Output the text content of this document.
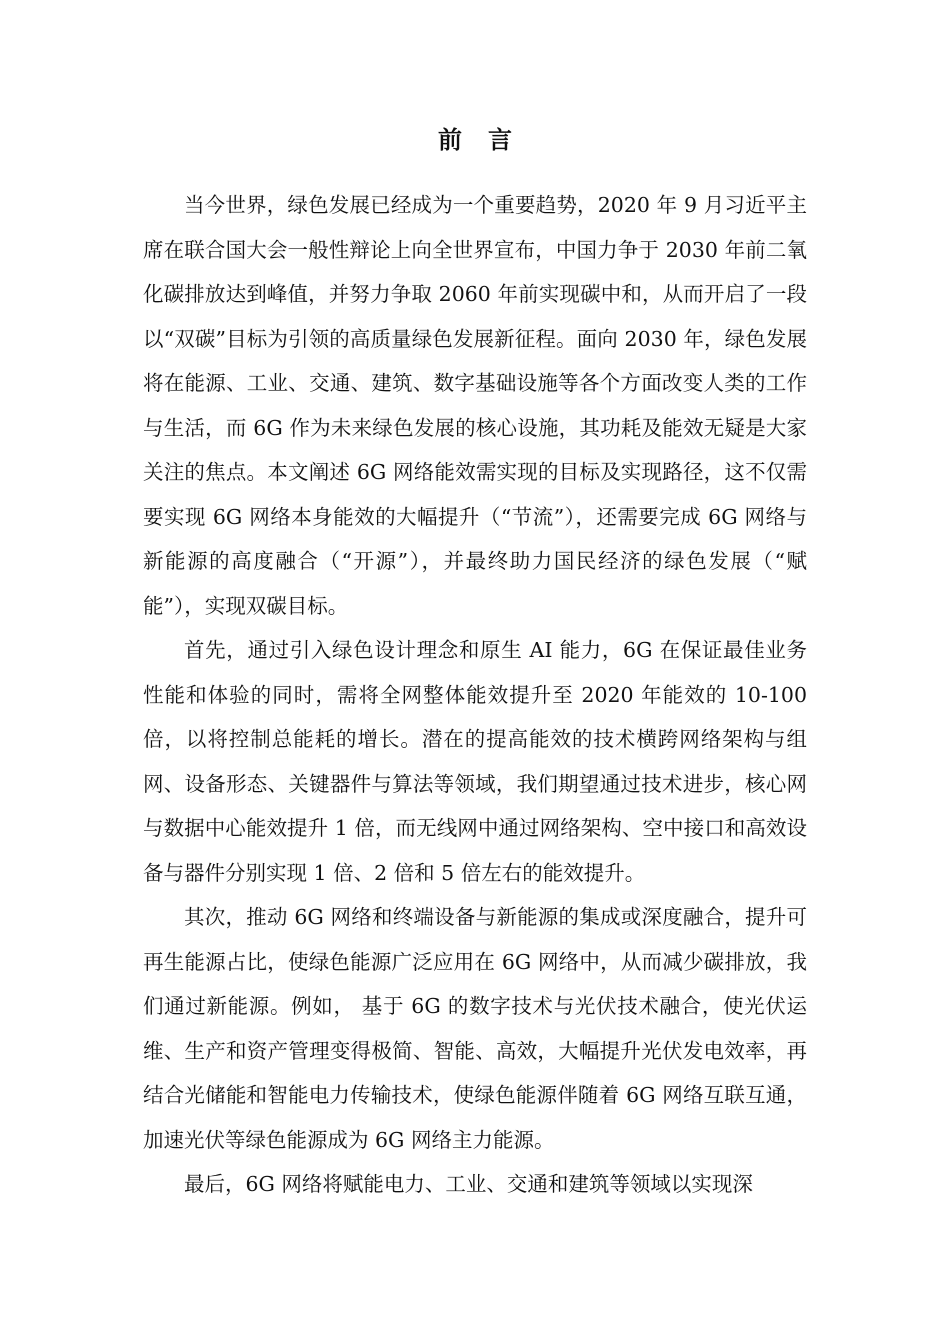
前言

当今世界，绿色发展已经成为一个重要趋势，2020 年 9 月习近平主席在联合国大会一般性辩论上向全世界宣布，中国力争于 2030 年前二氧化碳排放达到峰值，并努力争取 2060 年前实现碳中和，从而开启了一段以“双碳”目标为引领的高质量绿色发展新征程。面向 2030 年，绿色发展将在能源、工业、交通、建筑、数字基础设施等各个方面改变人类的工作与生活，而 6G 作为未来绿色发展的核心设施，其功耗及能效无疑是大家关注的焦点。本文阐述 6G 网络能效需实现的目标及实现路径，这不仅需要实现 6G 网络本身能效的大幅提升（“节流”），还需要完成 6G 网络与新能源的高度融合（“开源”），并最终助力国民经济的绿色发展（“赋能”），实现双碳目标。

首先，通过引入绿色设计理念和原生 AI 能力，6G 在保证最佳业务性能和体验的同时，需将全网整体能效提升至 2020 年能效的 10-100 倍，以将控制总能耗的增长。潜在的提高能效的技术横跨网络架构与组网、设备形态、关键器件与算法等领域，我们期望通过技术进步，核心网与数据中心能效提升 1 倍，而无线网中通过网络架构、空中接口和高效设备与器件分别实现 1 倍、2 倍和 5 倍左右的能效提升。

其次，推动 6G 网络和终端设备与新能源的集成或深度融合，提升可再生能源占比，使绿色能源广泛应用在 6G 网络中，从而减少碳排放，我们通过新能源。例如， 基于 6G 的数字技术与光伏技术融合，使光伏运维、生产和资产管理变得极简、智能、高效，大幅提升光伏发电效率，再结合光储能和智能电力传输技术，使绿色能源伴随着 6G 网络互联互通，加速光伏等绿色能源成为 6G 网络主力能源。

最后，6G 网络将赋能电力、工业、交通和建筑等领域以实现深
